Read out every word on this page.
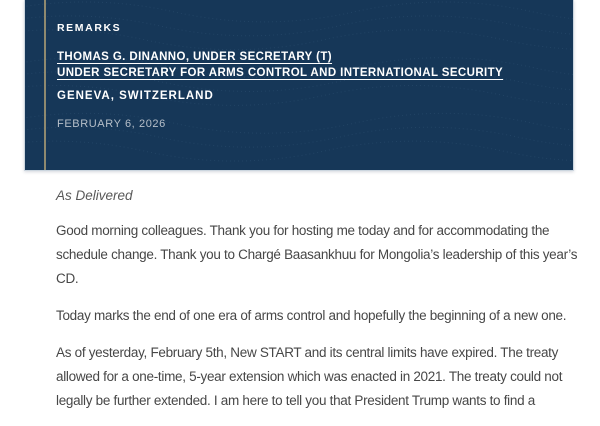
REMARKS
THOMAS G. DINANNO, UNDER SECRETARY (T)
UNDER SECRETARY FOR ARMS CONTROL AND INTERNATIONAL SECURITY
GENEVA, SWITZERLAND
FEBRUARY 6, 2026
As Delivered

Good morning colleagues. Thank you for hosting me today and for accommodating the schedule change. Thank you to Chargé Baasankhuu for Mongolia’s leadership of this year’s CD.

Today marks the end of one era of arms control and hopefully the beginning of a new one.

As of yesterday, February 5th, New START and its central limits have expired. The treaty allowed for a one-time, 5-year extension which was enacted in 2021. The treaty could not legally be further extended. I am here to tell you that President Trump wants to find a
